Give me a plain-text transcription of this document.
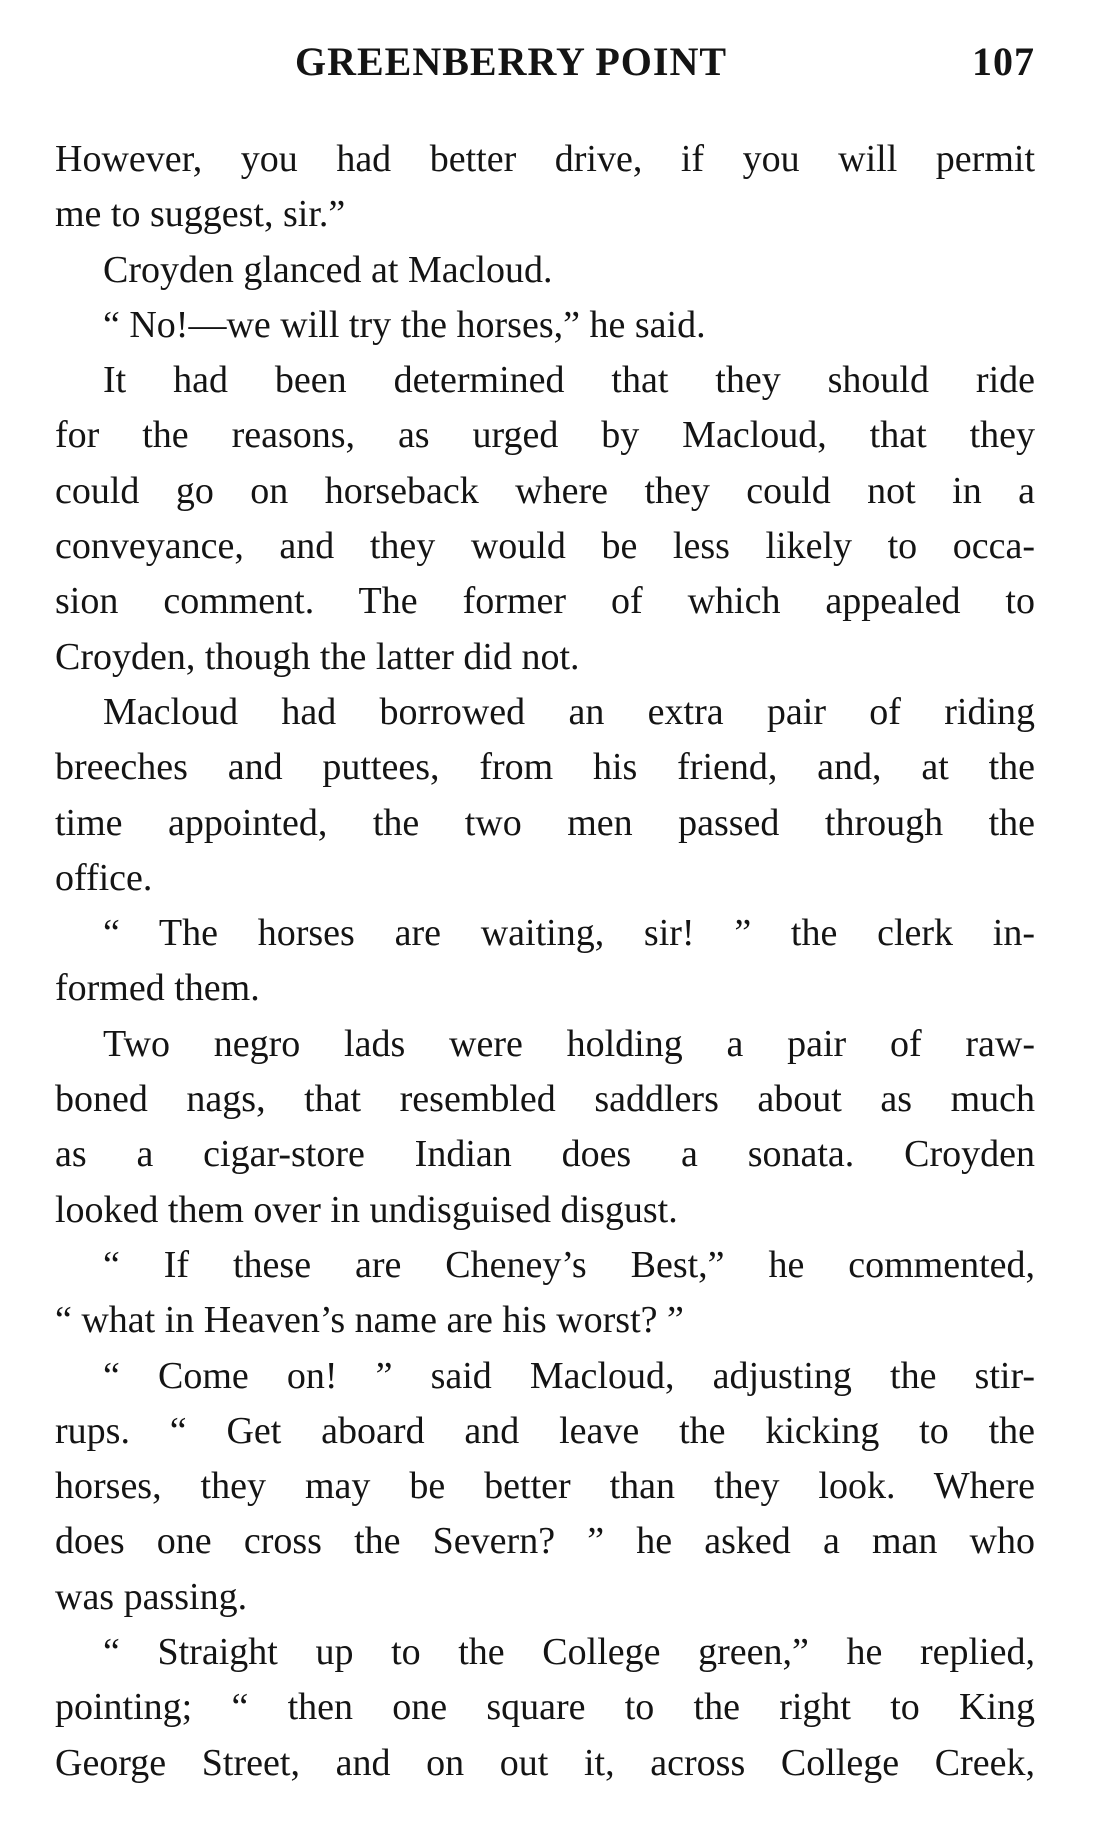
GREENBERRY POINT	107
However, you had better drive, if you will permit
me to suggest, sir.”
Croyden glanced at Macloud.
“ No!—we will try the horses,” he said.
It had been determined that they should ride
for the reasons, as urged by Macloud, that they
could go on horseback where they could not in a
conveyance, and they would be less likely to occa-
sion comment. The former of which appealed to
Croyden, though the latter did not.
Macloud had borrowed an extra pair of riding
breeches and puttees, from his friend, and, at the
time appointed, the two men passed through the
office.
“ The horses are waiting, sir! ” the clerk in-
formed them.
Two negro lads were holding a pair of raw-
boned nags, that resembled saddlers about as much
as a cigar-store Indian does a sonata. Croyden
looked them over in undisguised disgust.
“ If these are Cheney’s Best,” he commented,
“ what in Heaven’s name are his worst? ”
“ Come on! ” said Macloud, adjusting the stir-
rups. “ Get aboard and leave the kicking to the
horses, they may be better than they look. Where
does one cross the Severn? ” he asked a man who
was passing.
“ Straight up to the College green,” he replied,
pointing; “ then one square to the right to King
George Street, and on out it, across College Creek,
